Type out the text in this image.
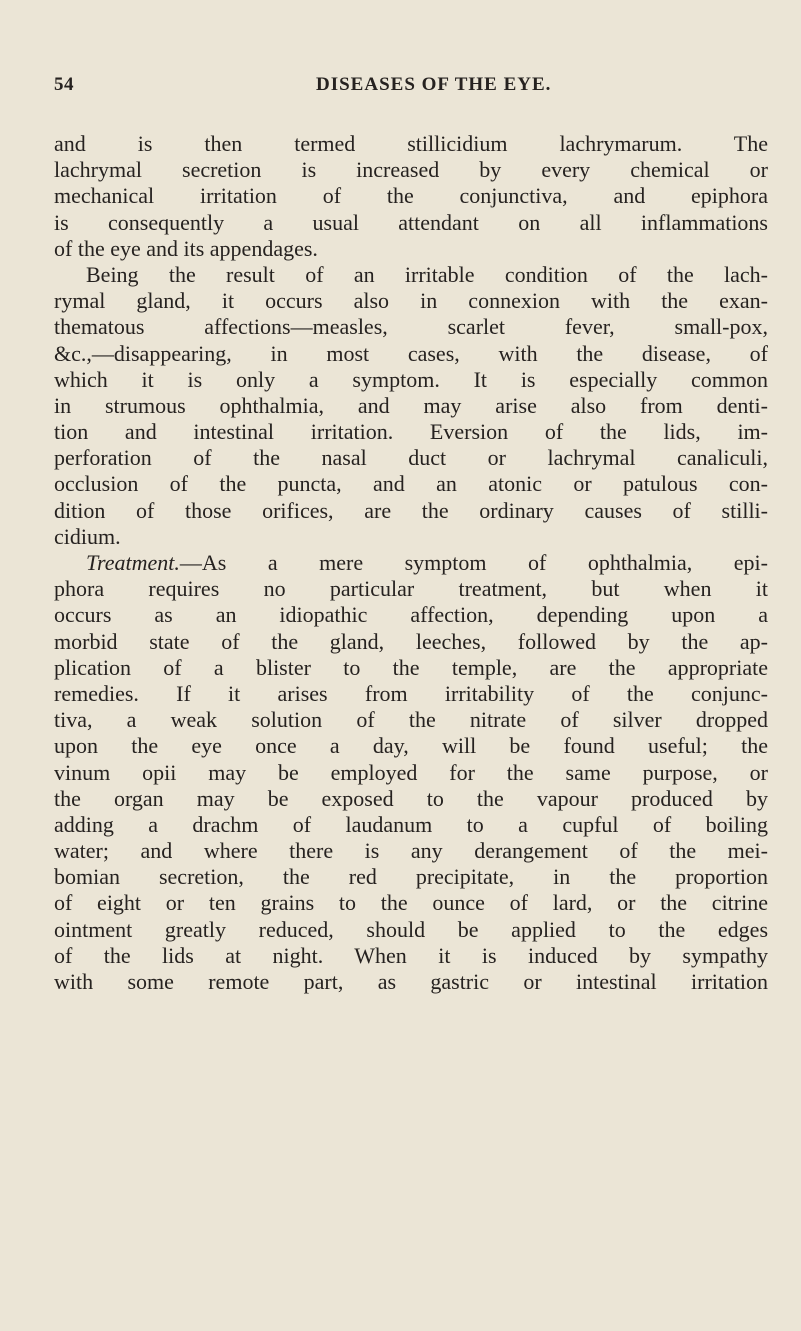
54	DISEASES OF THE EYE.
and is then termed stillicidium lachrymarum. The
lachrymal secretion is increased by every chemical or
mechanical irritation of the conjunctiva, and epiphora
is consequently a usual attendant on all inflammations
of the eye and its appendages.
Being the result of an irritable condition of the lach-
rymal gland, it occurs also in connexion with the exan-
thematous affections—measles, scarlet fever, small-pox,
&c.,—disappearing, in most cases, with the disease, of
which it is only a symptom. It is especially common
in strumous ophthalmia, and may arise also from denti-
tion and intestinal irritation. Eversion of the lids, im-
perforation of the nasal duct or lachrymal canaliculi,
occlusion of the puncta, and an atonic or patulous con-
dition of those orifices, are the ordinary causes of stilli-
cidium.
Treatment.—As a mere symptom of ophthalmia, epi-
phora requires no particular treatment, but when it
occurs as an idiopathic affection, depending upon a
morbid state of the gland, leeches, followed by the ap-
plication of a blister to the temple, are the appropriate
remedies. If it arises from irritability of the conjunc-
tiva, a weak solution of the nitrate of silver dropped
upon the eye once a day, will be found useful; the
vinum opii may be employed for the same purpose, or
the organ may be exposed to the vapour produced by
adding a drachm of laudanum to a cupful of boiling
water; and where there is any derangement of the mei-
bomian secretion, the red precipitate, in the proportion
of eight or ten grains to the ounce of lard, or the citrine
ointment greatly reduced, should be applied to the edges
of the lids at night. When it is induced by sympathy
with some remote part, as gastric or intestinal irritation
